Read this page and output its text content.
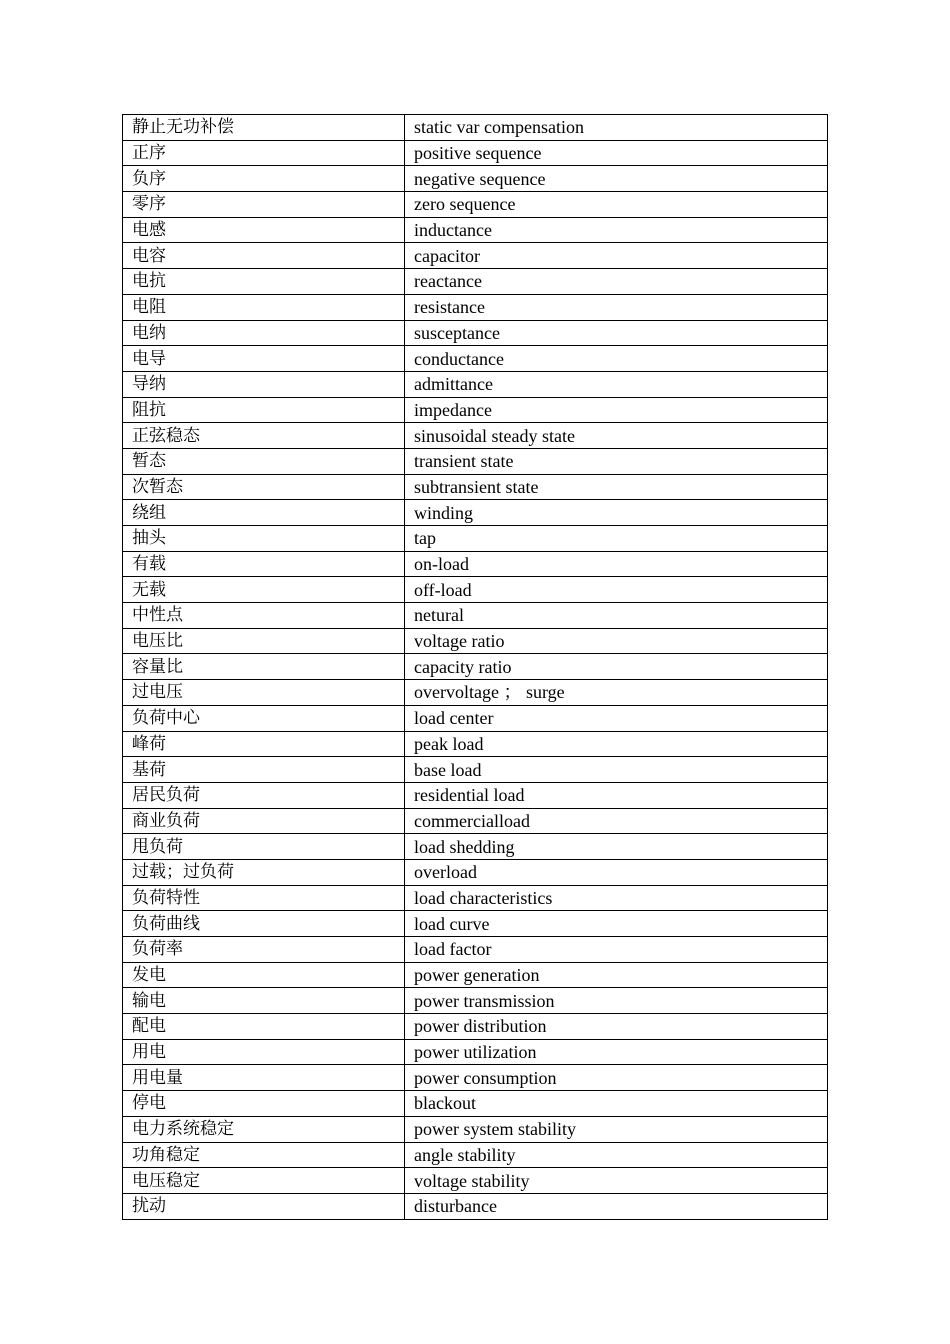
静止无功补偿	static var compensation
正序	positive sequence
负序	negative sequence
零序	zero sequence
电感	inductance
电容	capacitor
电抗	reactance
电阻	resistance
电纳	susceptance
电导	conductance
导纳	admittance
阻抗	impedance
正弦稳态	sinusoidal steady state
暂态	transient state
次暂态	subtransient state
绕组	winding
抽头	tap
有载	on-load
无载	off-load
中性点	netural
电压比	voltage ratio
容量比	capacity ratio
过电压	overvoltage ； surge
负荷中心	load center
峰荷	peak load
基荷	base load
居民负荷	residential load
商业负荷	commercialload
甩负荷	load shedding
过载；过负荷	overload
负荷特性	load characteristics
负荷曲线	load curve
负荷率	load factor
发电	power generation
输电	power transmission
配电	power distribution
用电	power utilization
用电量	power consumption
停电	blackout
电力系统稳定	power system stability
功角稳定	angle stability
电压稳定	voltage stability
扰动	disturbance
